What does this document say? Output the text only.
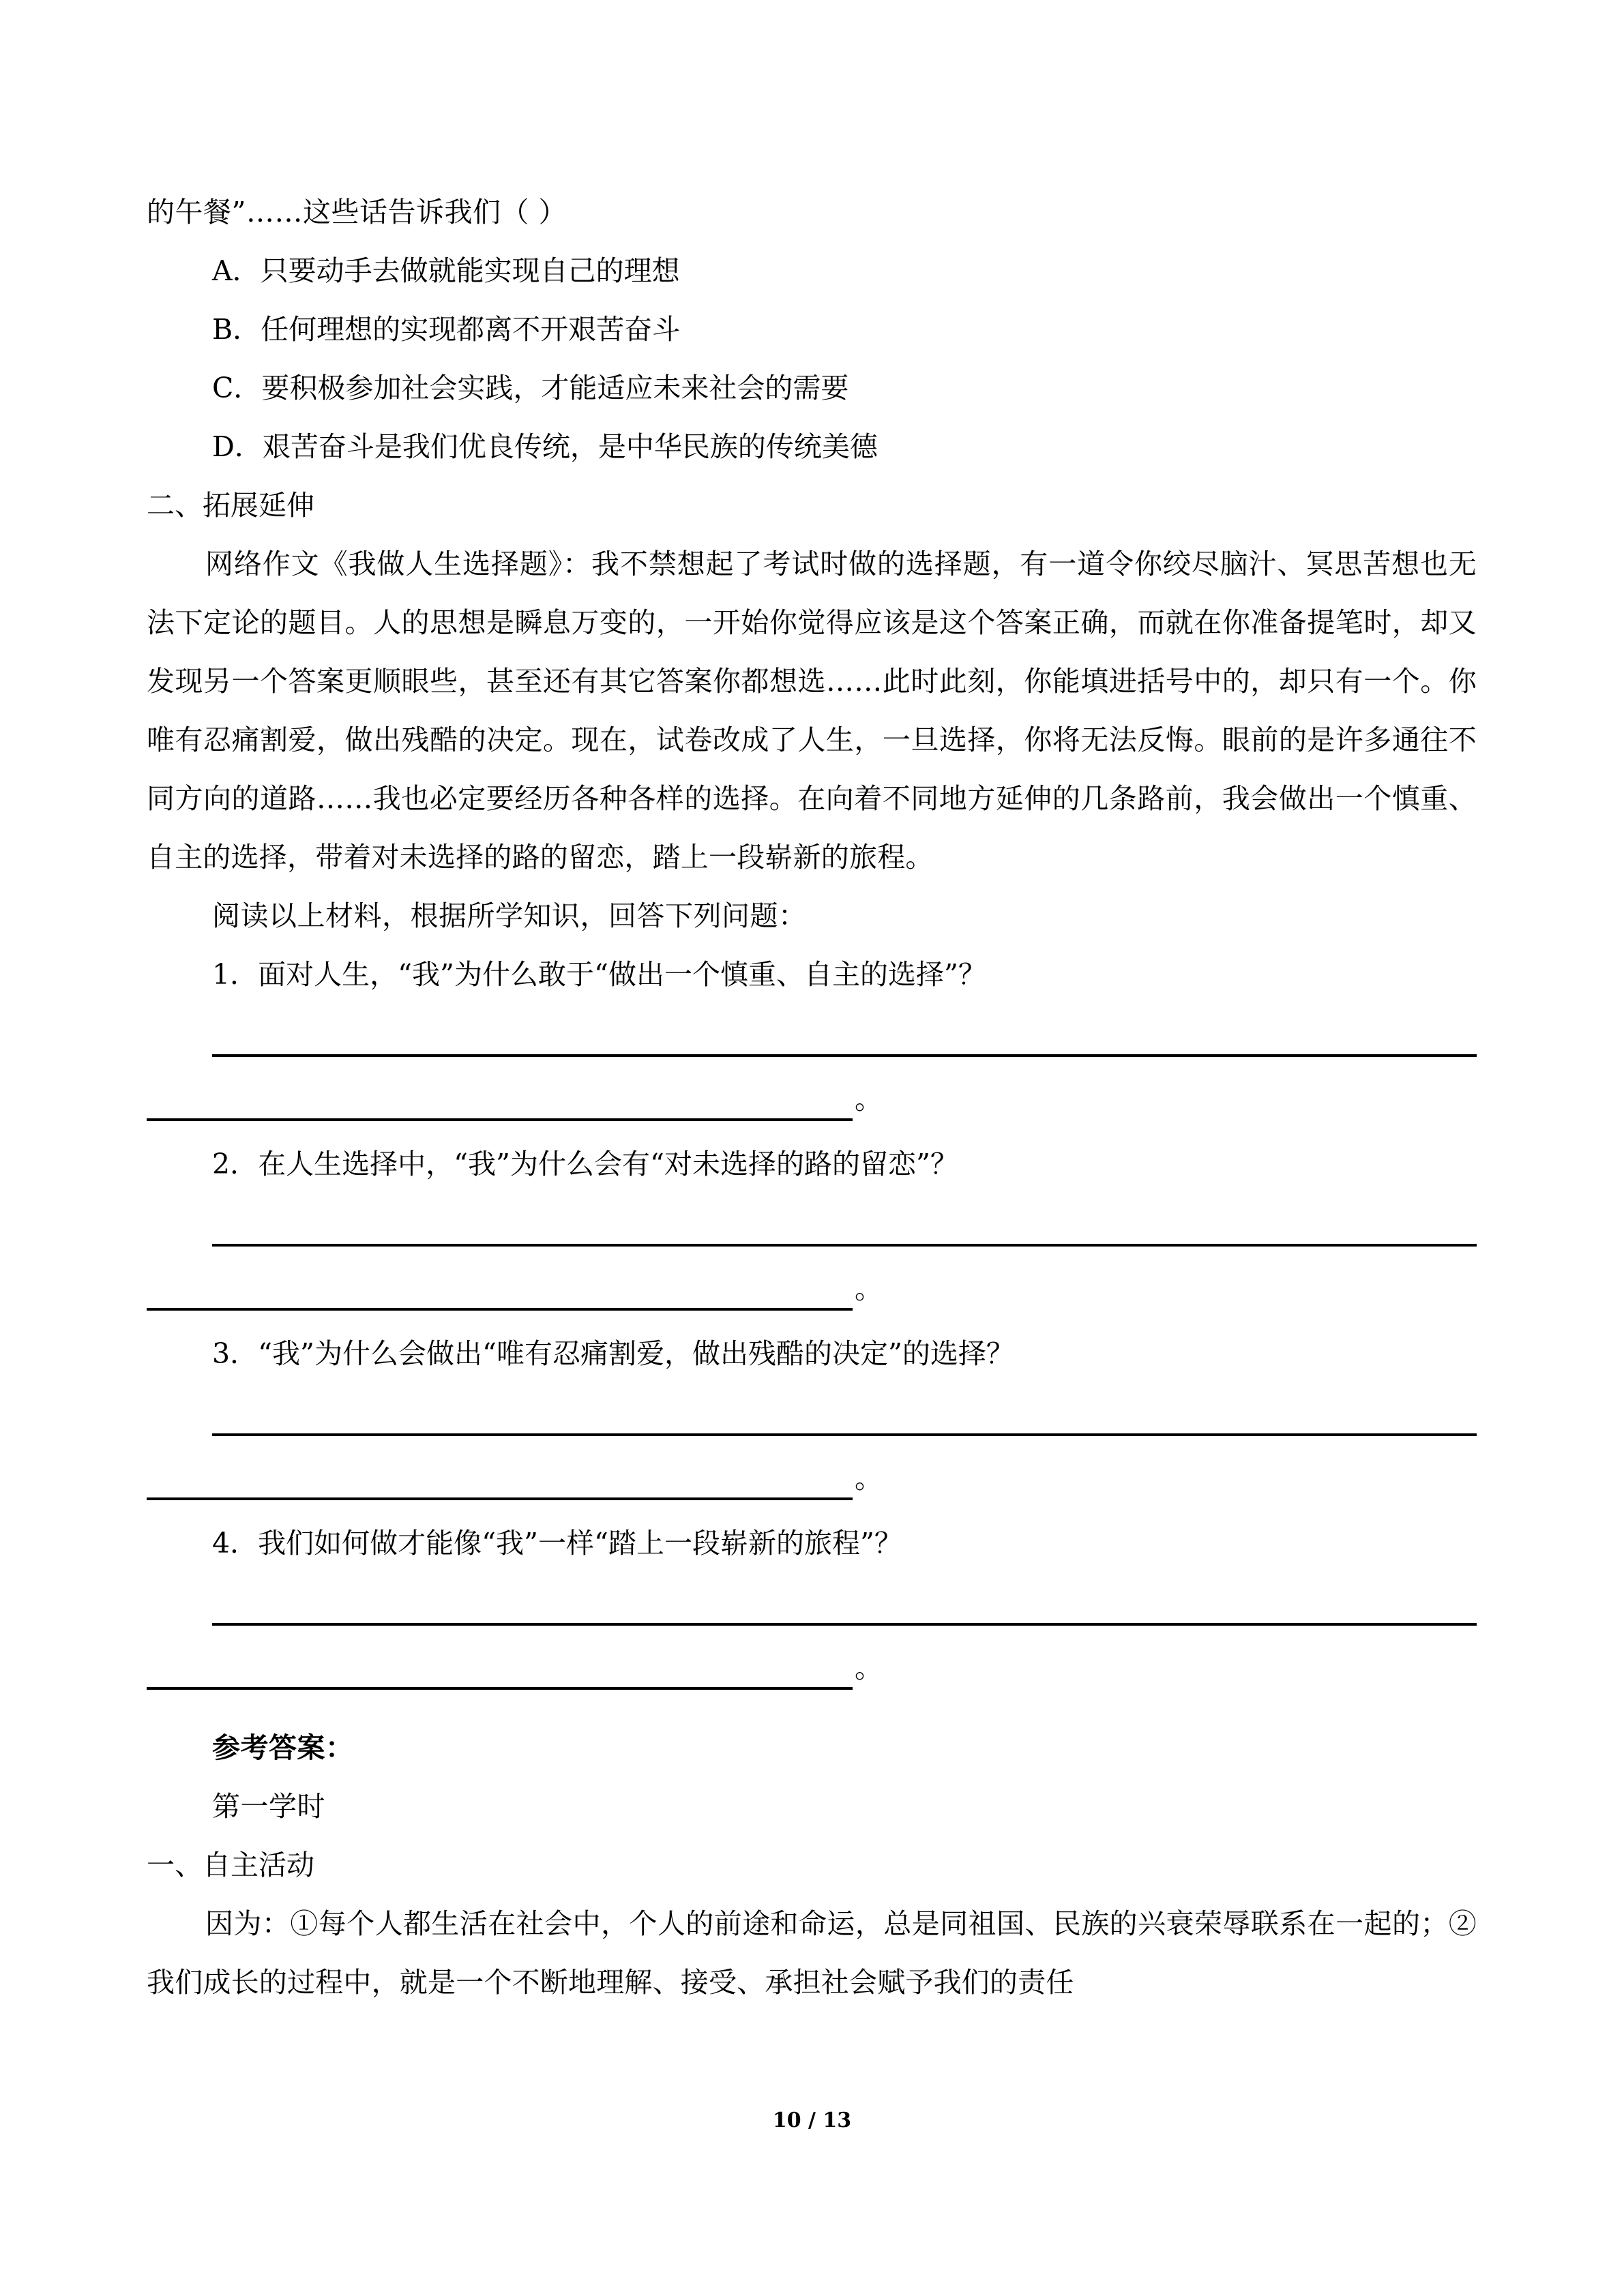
的午餐”……这些话告诉我们（ ）
A．只要动手去做就能实现自己的理想
B．任何理想的实现都离不开艰苦奋斗
C．要积极参加社会实践，才能适应未来社会的需要
D．艰苦奋斗是我们优良传统，是中华民族的传统美德
二、拓展延伸
网络作文《我做人生选择题》：我不禁想起了考试时做的选择题，有一道令你绞尽脑汁、冥思苦想也无法下定论的题目。人的思想是瞬息万变的，一开始你觉得应该是这个答案正确，而就在你准备提笔时，却又发现另一个答案更顺眼些，甚至还有其它答案你都想选……此时此刻，你能填进括号中的，却只有一个。你唯有忍痛割爱，做出残酷的决定。现在，试卷改成了人生，一旦选择，你将无法反悔。眼前的是许多通往不同方向的道路……我也必定要经历各种各样的选择。在向着不同地方延伸的几条路前，我会做出一个慎重、自主的选择，带着对未选择的路的留恋，踏上一段崭新的旅程。
阅读以上材料，根据所学知识，回答下列问题：
1．面对人生，“我”为什么敢于“做出一个慎重、自主的选择”？
。
2．在人生选择中，“我”为什么会有“对未选择的路的留恋”？
。
3．“我”为什么会做出“唯有忍痛割爱，做出残酷的决定”的选择？
。
4．我们如何做才能像“我”一样“踏上一段崭新的旅程”？
。
参考答案：
第一学时
一、自主活动
因为：①每个人都生活在社会中，个人的前途和命运，总是同祖国、民族的兴衰荣辱联系在一起的；②我们成长的过程中，就是一个不断地理解、接受、承担社会赋予我们的责任
10 / 13
